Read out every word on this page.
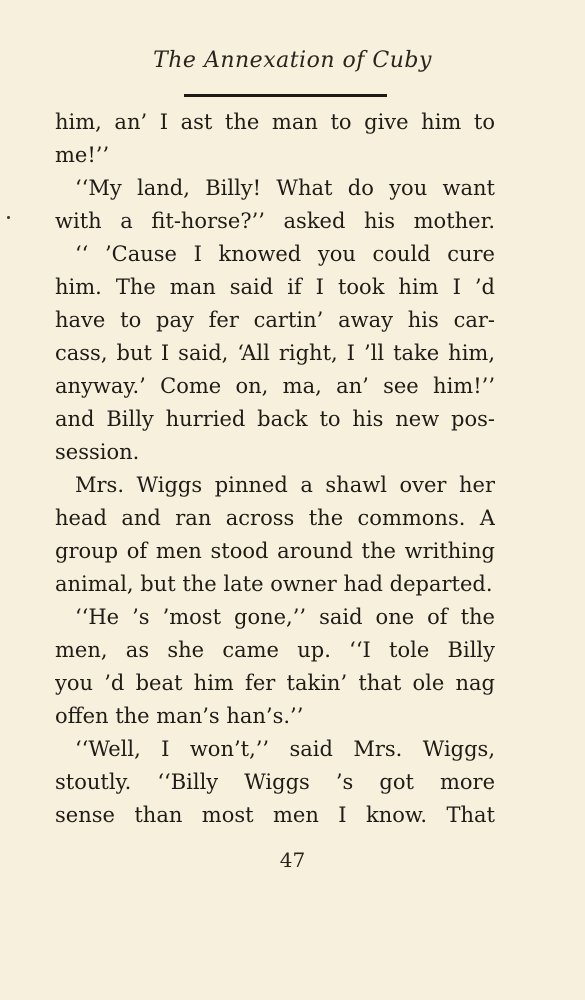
The Annexation of Cuby
him, an’ I ast the man to give him to
me!’’
‘‘My land, Billy! What do you want
with a fit-horse?’’ asked his mother.
‘‘ ’Cause I knowed you could cure
him. The man said if I took him I ’d
have to pay fer cartin’ away his car-
cass, but I said, ‘All right, I ’ll take him,
anyway.’ Come on, ma, an’ see him!’’
and Billy hurried back to his new pos-
session.
Mrs. Wiggs pinned a shawl over her
head and ran across the commons. A
group of men stood around the writhing
animal, but the late owner had departed.
‘‘He ’s ’most gone,’’ said one of the
men, as she came up. ‘‘I tole Billy
you ’d beat him fer takin’ that ole nag
offen the man’s han’s.’’
‘‘Well, I won’t,’’ said Mrs. Wiggs,
stoutly. ‘‘Billy Wiggs ’s got more
sense than most men I know. That
47
